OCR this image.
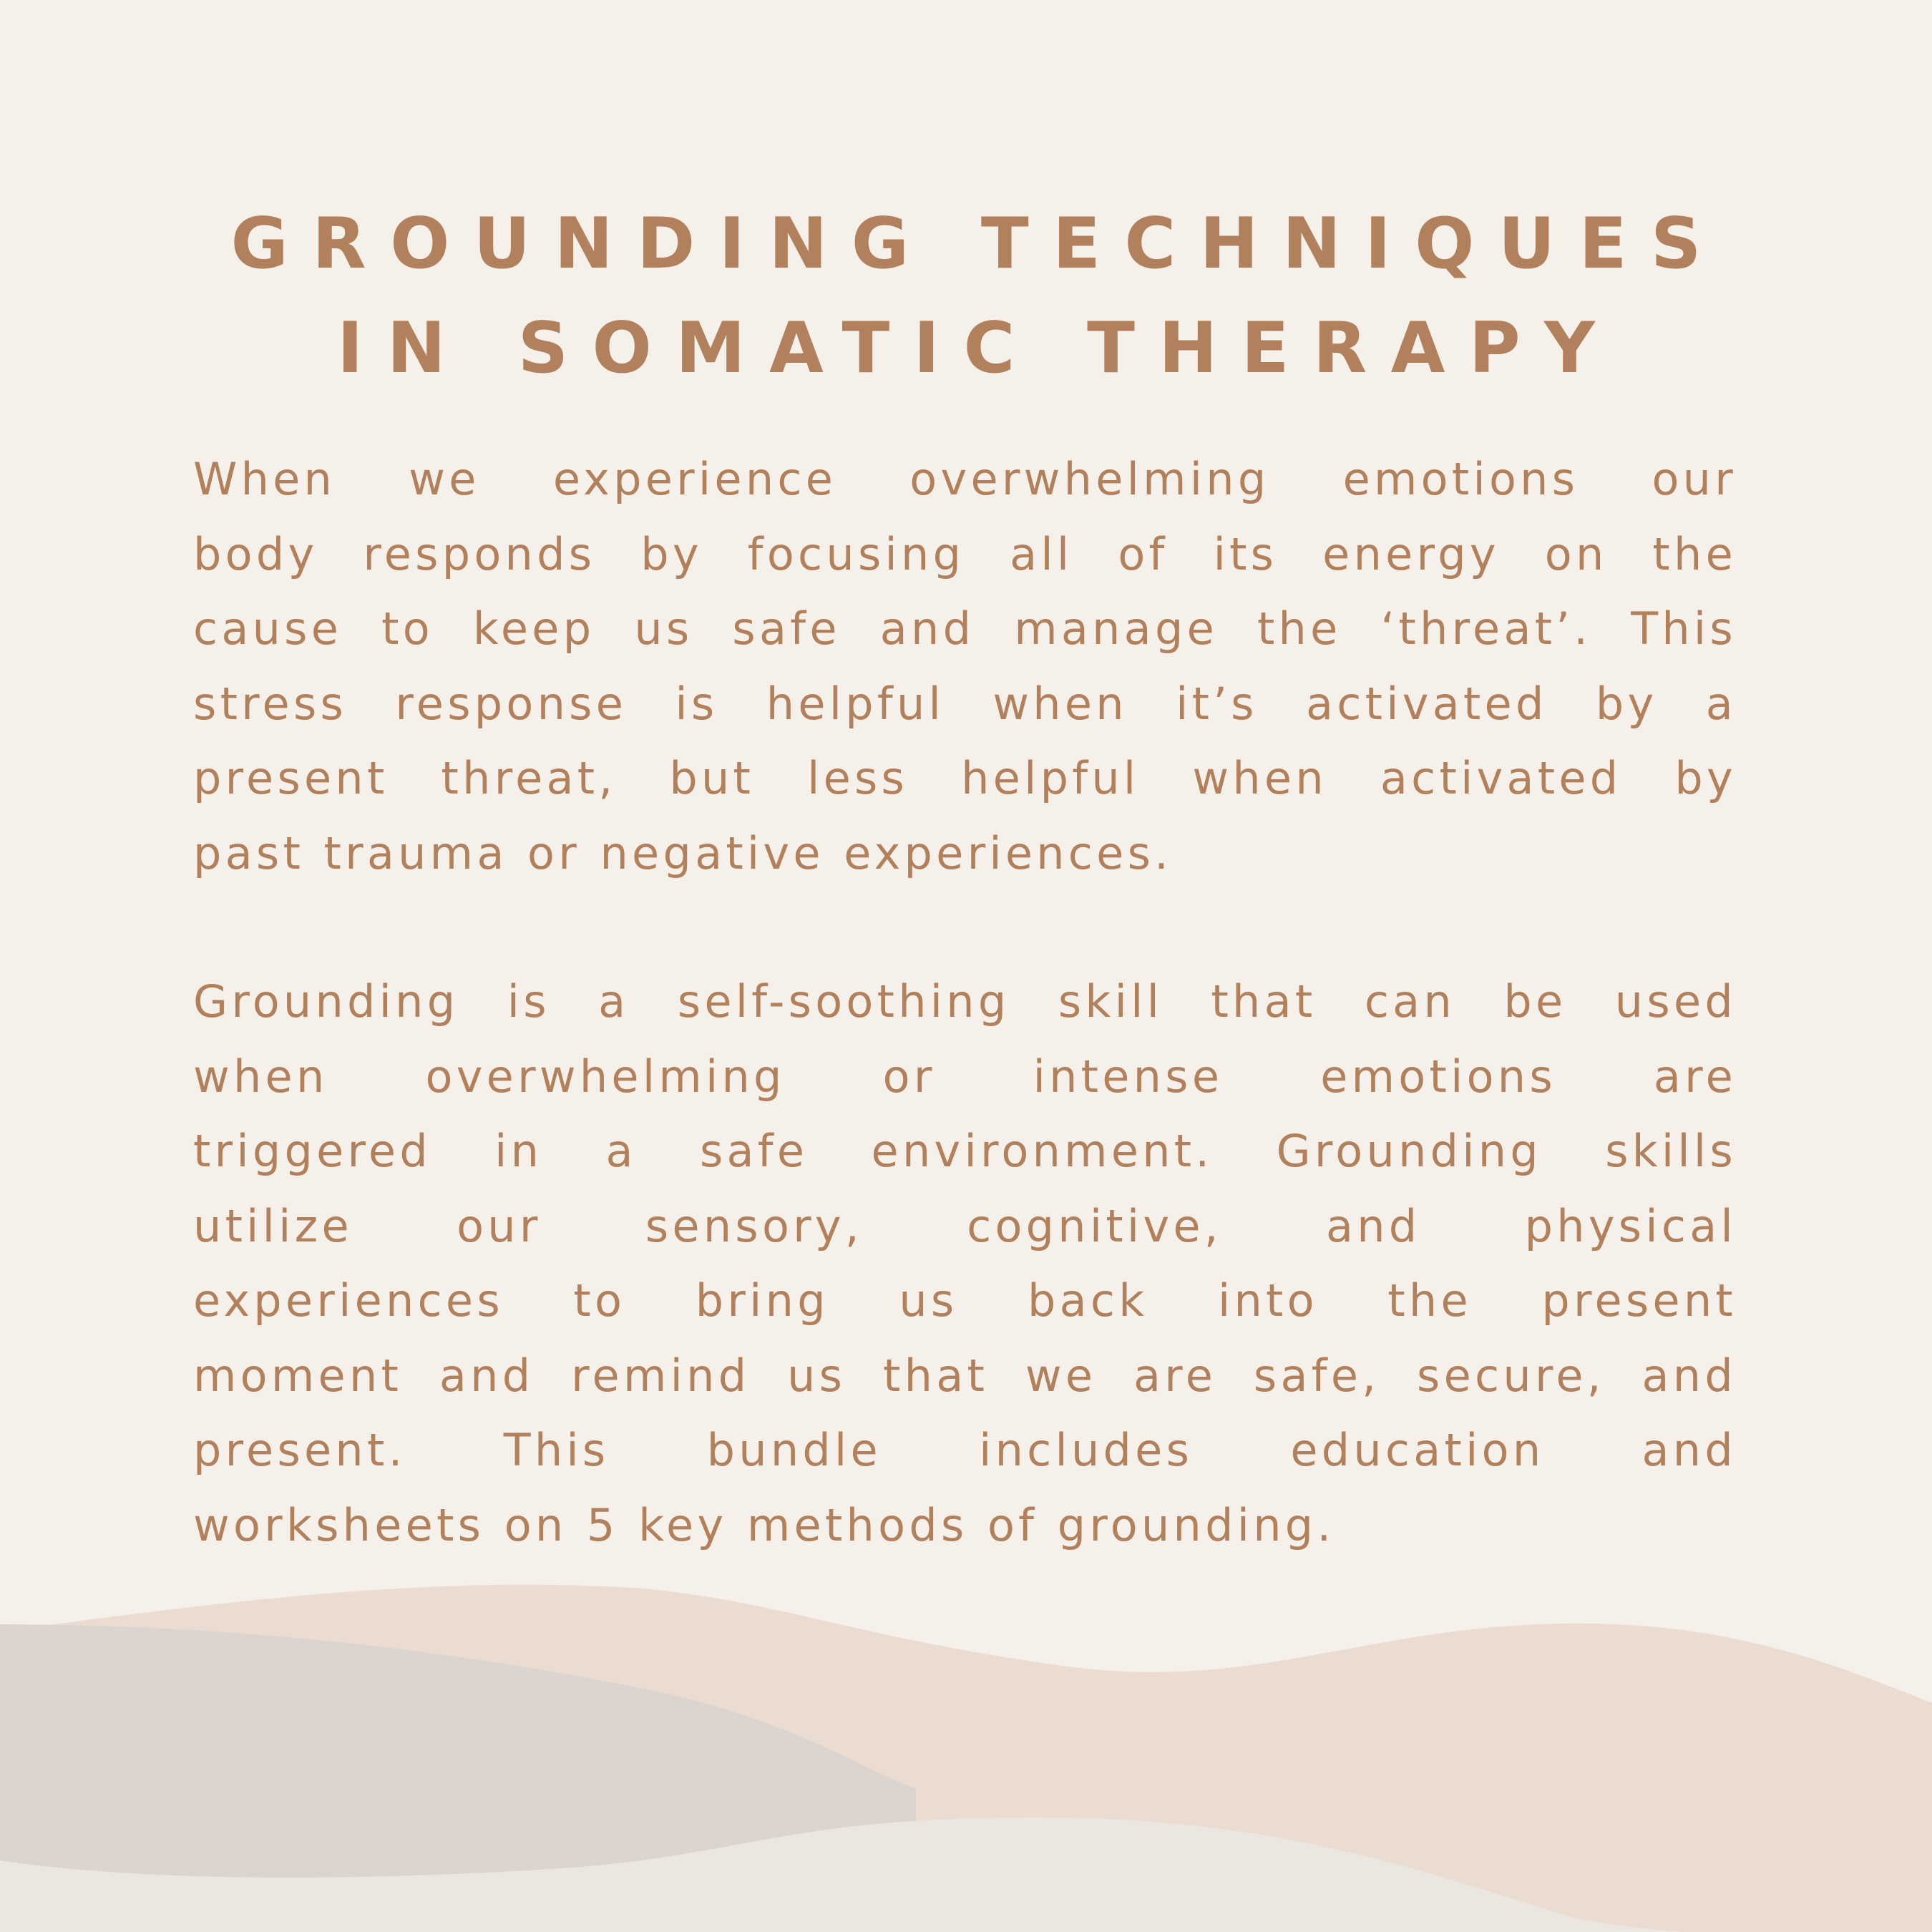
GROUNDING TECHNIQUES
IN SOMATIC THERAPY
When we experience overwhelming emotions our
body responds by focusing all of its energy on the
cause to keep us safe and manage the ‘threat’. This
stress response is helpful when it’s activated by a
present threat, but less helpful when activated by
past trauma or negative experiences.
Grounding is a self-soothing skill that can be used
when overwhelming or intense emotions are
triggered in a safe environment. Grounding skills
utilize our sensory, cognitive, and physical
experiences to bring us back into the present
moment and remind us that we are safe, secure, and
present. This bundle includes education and
worksheets on 5 key methods of grounding.
